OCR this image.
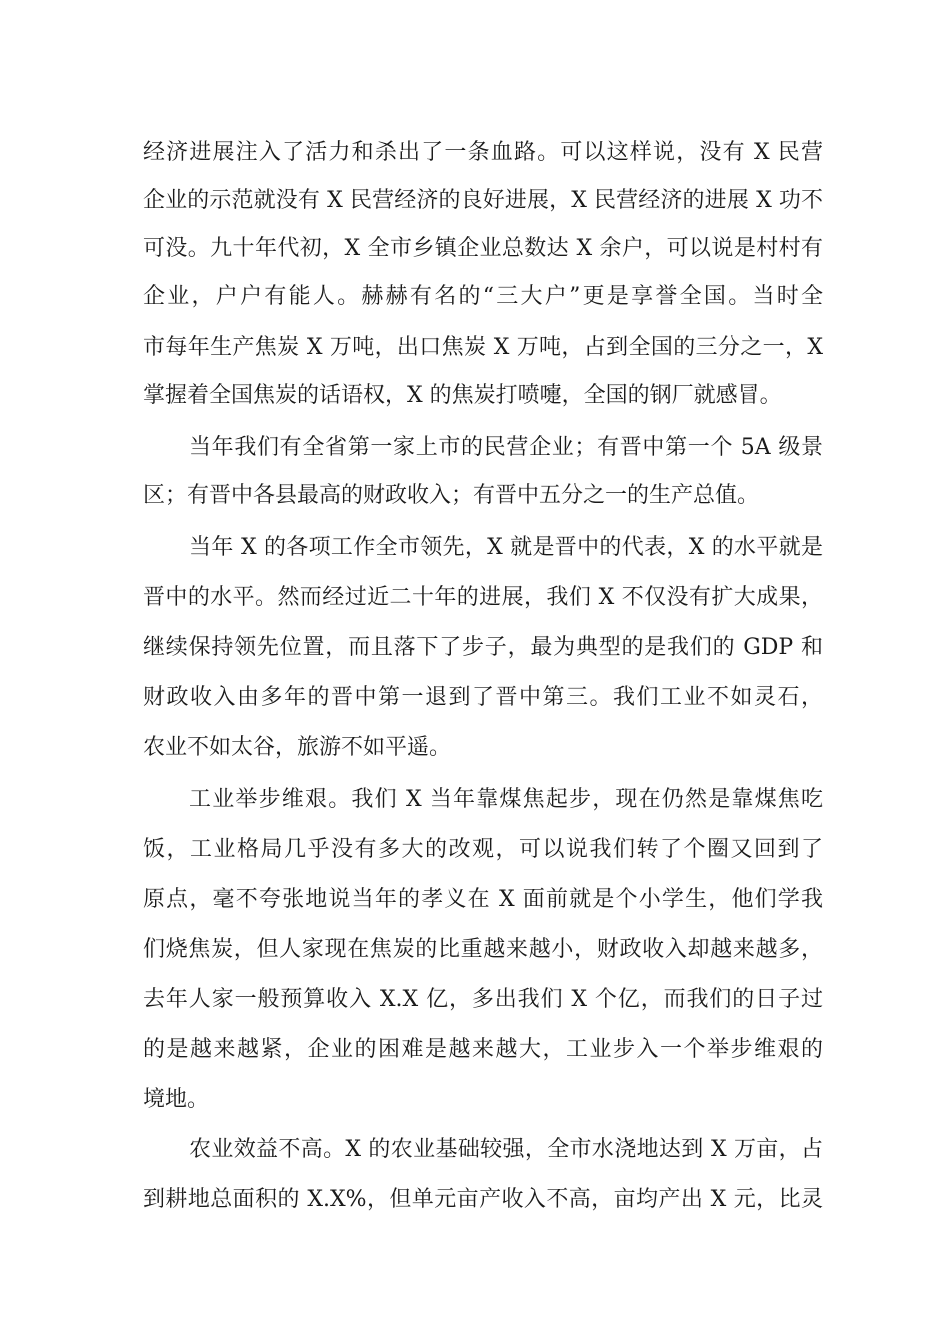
经济进展注入了活力和杀出了一条血路。可以这样说，没有 X 民营
企业的示范就没有 X 民营经济的良好进展，X 民营经济的进展 X 功不
可没。九十年代初，X 全市乡镇企业总数达 X 余户，可以说是村村有
企业，户户有能人。赫赫有名的“三大户”更是享誉全国。当时全
市每年生产焦炭 X 万吨，出口焦炭 X 万吨，占到全国的三分之一，X
掌握着全国焦炭的话语权，X 的焦炭打喷嚏，全国的钢厂就感冒。
当年我们有全省第一家上市的民营企业；有晋中第一个 5A 级景
区；有晋中各县最高的财政收入；有晋中五分之一的生产总值。
当年 X 的各项工作全市领先，X 就是晋中的代表，X 的水平就是
晋中的水平。然而经过近二十年的进展，我们 X 不仅没有扩大成果，
继续保持领先位置，而且落下了步子，最为典型的是我们的 GDP 和
财政收入由多年的晋中第一退到了晋中第三。我们工业不如灵石，
农业不如太谷，旅游不如平遥。
工业举步维艰。我们 X 当年靠煤焦起步，现在仍然是靠煤焦吃
饭，工业格局几乎没有多大的改观，可以说我们转了个圈又回到了
原点，毫不夸张地说当年的孝义在 X 面前就是个小学生，他们学我
们烧焦炭，但人家现在焦炭的比重越来越小，财政收入却越来越多，
去年人家一般预算收入 X.X 亿，多出我们 X 个亿，而我们的日子过
的是越来越紧，企业的困难是越来越大，工业步入一个举步维艰的
境地。
农业效益不高。X 的农业基础较强，全市水浇地达到 X 万亩，占
到耕地总面积的 X.X%，但单元亩产收入不高，亩均产出 X 元，比灵
